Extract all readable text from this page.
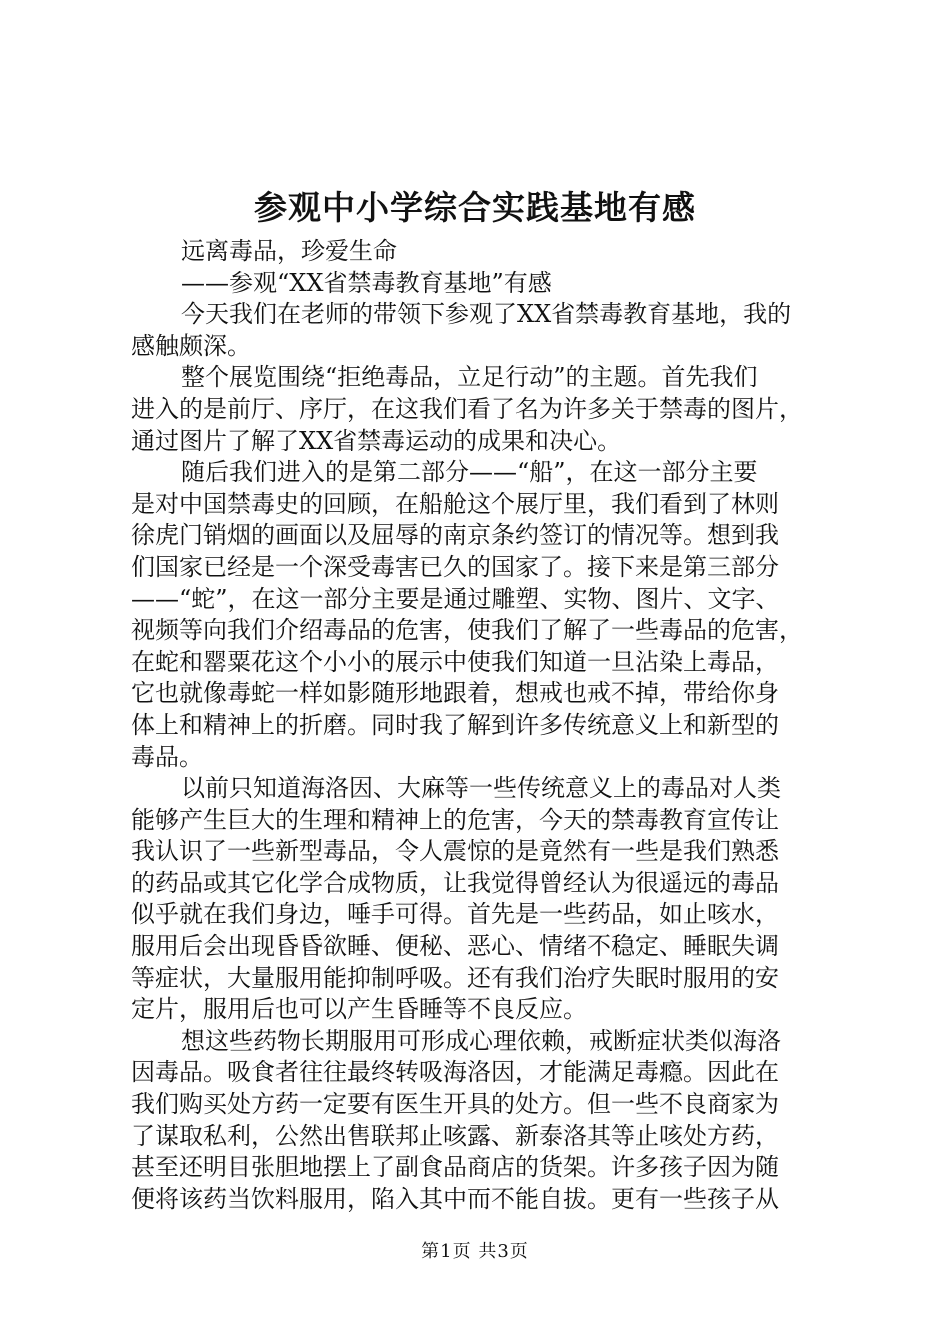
参观中小学综合实践基地有感
远离毒品，珍爱生命
——参观“XX省禁毒教育基地”有感
今天我们在老师的带领下参观了XX省禁毒教育基地，我的
感触颇深。
整个展览围绕“拒绝毒品，立足行动”的主题。首先我们
进入的是前厅、序厅，在这我们看了名为许多关于禁毒的图片，
通过图片了解了XX省禁毒运动的成果和决心。
随后我们进入的是第二部分——“船”，在这一部分主要
是对中国禁毒史的回顾，在船舱这个展厅里，我们看到了林则
徐虎门销烟的画面以及屈辱的南京条约签订的情况等。想到我
们国家已经是一个深受毒害已久的国家了。接下来是第三部分
——“蛇”，在这一部分主要是通过雕塑、实物、图片、文字、
视频等向我们介绍毒品的危害，使我们了解了一些毒品的危害，
在蛇和罂粟花这个小小的展示中使我们知道一旦沾染上毒品，
它也就像毒蛇一样如影随形地跟着，想戒也戒不掉，带给你身
体上和精神上的折磨。同时我了解到许多传统意义上和新型的
毒品。
以前只知道海洛因、大麻等一些传统意义上的毒品对人类
能够产生巨大的生理和精神上的危害，今天的禁毒教育宣传让
我认识了一些新型毒品，令人震惊的是竟然有一些是我们熟悉
的药品或其它化学合成物质，让我觉得曾经认为很遥远的毒品
似乎就在我们身边，唾手可得。首先是一些药品，如止咳水，
服用后会出现昏昏欲睡、便秘、恶心、情绪不稳定、睡眠失调
等症状，大量服用能抑制呼吸。还有我们治疗失眠时服用的安
定片，服用后也可以产生昏睡等不良反应。
想这些药物长期服用可形成心理依赖，戒断症状类似海洛
因毒品。吸食者往往最终转吸海洛因，才能满足毒瘾。因此在
我们购买处方药一定要有医生开具的处方。但一些不良商家为
了谋取私利，公然出售联邦止咳露、新泰洛其等止咳处方药，
甚至还明目张胆地摆上了副食品商店的货架。许多孩子因为随
便将该药当饮料服用，陷入其中而不能自拔。更有一些孩子从
第1页 共3页
